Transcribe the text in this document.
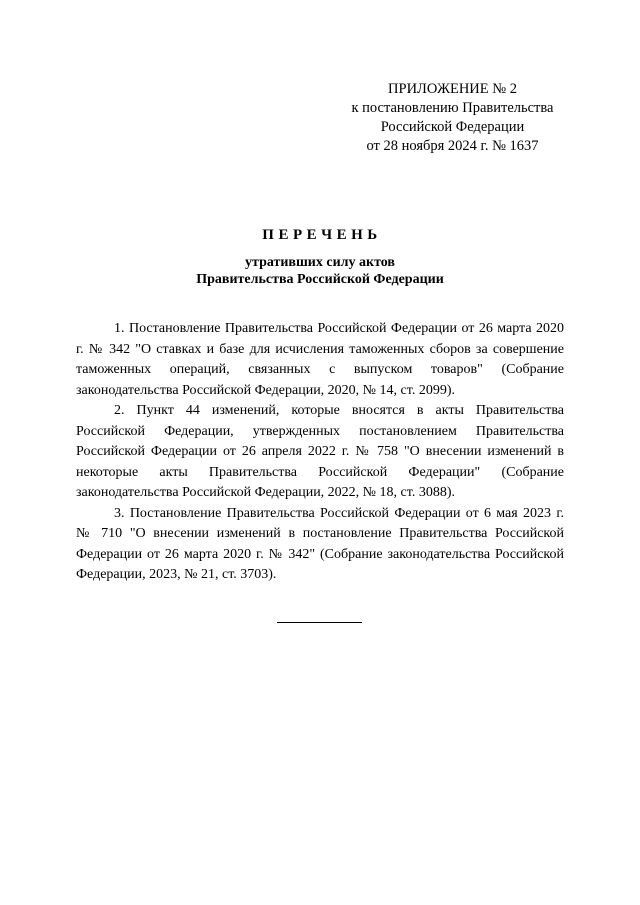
ПРИЛОЖЕНИЕ № 2
к постановлению Правительства
Российской Федерации
от 28 ноября 2024 г. № 1637
ПЕРЕЧЕНЬ
утративших силу актов
Правительства Российской Федерации

1. Постановление Правительства Российской Федерации от 26 марта 2020 г. № 342 "О ставках и базе для исчисления таможенных сборов за совершение таможенных операций, связанных с выпуском товаров" (Собрание законодательства Российской Федерации, 2020, № 14, ст. 2099).

2. Пункт 44 изменений, которые вносятся в акты Правительства Российской Федерации, утвержденных постановлением Правительства Российской Федерации от 26 апреля 2022 г. № 758 "О внесении изменений в некоторые акты Правительства Российской Федерации" (Собрание законодательства Российской Федерации, 2022, № 18, ст. 3088).

3. Постановление Правительства Российской Федерации от 6 мая 2023 г. № 710 "О внесении изменений в постановление Правительства Российской Федерации от 26 марта 2020 г. № 342" (Собрание законодательства Российской Федерации, 2023, № 21, ст. 3703).
